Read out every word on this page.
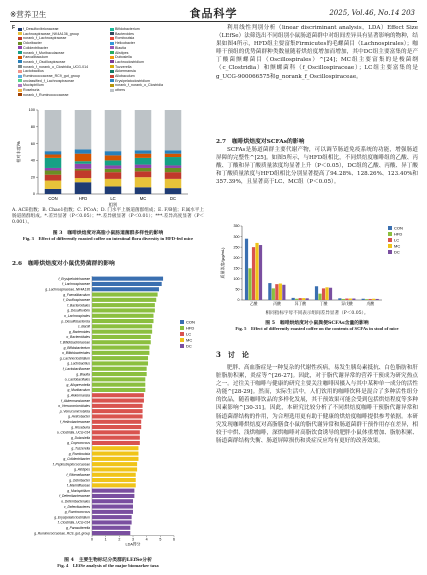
※营养卫生	食品科学	2025, Vol.46, No.14 203
F	f_Desulfovibrionaceae
Lachnospiraceae_NK4A136_group
norank_f_Lachnospiraceae
Odoribacter
Colidextribacter
norank_f_Muribaculaceae
Faecalibaculum
norank_f_Oscillospiraceae
norank_f_norank_o_Clostridia_UCG-014
Lactobacillus
Ruminococcaceae_RC9_gut_group
unclassified_f_Lachnospiraceae
Mucispirillum
Roseburia
norank_f_Ruminococcaceae
Bifidobacterium
Bacteroides
Romboutsia
Helicobacter
Blautia
Alistipes
Dubosiella
Lachnoclostridium
Tuzzerella
Akkermansia
Allobaculum
Erysipelatoclostridium
norank_f_norank_o_Clostridia
others
0
20
40
60
80
100
相对丰度/%
CON	HFD	LC	MC	DC
组别
A. ACE指数；B. Chao1指数；C. PCoA；D. 门水平上肠道菌群组成；E. F/B值；F.属水平上肠道菌群组成。*.差异显著（P＜0.05）；**.差异极显著（P＜0.01）；***.差异高度显著（P＜0.001）。
图 3　咖啡烘焙度对高脂小鼠肠道菌群多样性的影响
Fig. 3　Effect of differently roasted coffee on intestinal flora diversity in HFD-fed mice
2.6　咖啡烘焙度对小鼠优势菌群的影响
0	1	2	3	4	5	6
LDA得分
f_Erysipelotrichaceae
f_Lachnospiraceae
g_Lachnospiraceae_NK4A136
g_Faecalibaculum
f_Oscillospiraceae
f_Bacteroidales
g_Desulfovibrio
o_Lachnospirales
p_Desulfobacterota
c_Bacilli
g_Bacteroides
o_Bacteroidales
f_Bifidobacteriaceae
g_Bifidobacterium
o_Bifidobacteriales
g_Lachnoclostridium
g_Lactobacillus
f_Lactobacillaceae
g_Blautia
o_Lactobacillales
g_Alloprevotella
g_Muribaculum
g_Akkermansia
f_Akkermansiaceae
o_Verrucomicrobiales
p_Verrucomicrobiota
g_Helicobacter
f_Helicobacteraceae
g_Roseburia
o_Clostridia_UCG-014
g_Dubosiella
g_Coprococcus
g_Tuzzerella
g_Romboutsia
g_Colidextribacter
f_Peptostreptococcaceae
g_Alistipes
f_Rikenellaceae
g_Odoribacter
f_Marinifilaceae
g_Mucispirillum
f_Deferribacteraceae
o_Deferribacterales
c_Deferribacteres
g_Ruminococcus
g_Erysipelatoclostridium
f_Clostridia_UCG-014
g_Parasutterella
g_Ruminococcaceae_RC9_gut_group
CON
HFD
LC
MC
DC
图 4　主要生物标记分类群的LEfSe分析
Fig. 4　LEfSe analysis of the major biomarker taxa
利用线性判别分析（linear discriminant analysis，LDA）Effect Size（LEfSe）法筛选出不同组别小鼠肠道菌群中对组间差异具有显著影响的物种，结果如图4所示，HFD组主要富集Firmicutes的毛螺菌目（Lachnospirales）；咖啡干预组的优势菌群种类数量随着烘焙度增加而增加，其中DC组主要富集的是产丁酸菌颤螺菌目（Oscillospirales）^[24]；MC组主要富集的是梭菌纲（c_Clostridia）和颤螺菌科（f_Oscillospiraceae）；LC组主要富集的是g_UCG-900066575和g_norank_f_Oscillospiraceae。
2.7　咖啡烘焙度对SCFAs的影响
SCFAs是肠道菌群主要代谢产物，可以调节肠道免疫系统的功能，增强肠道屏障的完整性^[25]。如图5所示，与HFD组相比，不同烘焙度咖啡组的乙酸、丙酸、丁酸和异丁酸质量浓度均显著上升（P＜0.05），DC组的乙酸、丙酸、异丁酸和丁酸质量浓度与HFD组相比分别显著提高了94.28%、128.26%、123.40%和357.39%，且显著高于LC、MC组（P＜0.05）。
0
50
100
150
200
250
300
350
质量浓度/(μg/mL)
乙酸	丙酸	异丁酸	丁酸	异戊酸	戊酸
CON
HFD
LC
MC
DC
相同指标字母不同表示组间差异显著（P＜0.05）。
图 5　咖啡烘焙度对小鼠粪便SCFAs含量的影响
Fig. 5　Effect of differently roasted coffee on the contents of SCFAs in stool of mice
3　讨　论
肥胖、高血脂症是一种复杂的代谢性疾病，易发生胰岛素抵抗、白色脂肪和肝脏脂肪积累，炎症等^[26-27]。因此，对于脂代谢异常的营养干预成为研究热点之一。过往关于咖啡与健康的研究主要关注咖啡因摄入与其中某种单一成分的活性功能^[28-29]。然而，实际生活中，人们饮用的咖啡饮料是混合了多种活性组分的饮品，随着咖啡饮品的多样化发展，其干预效果可能会受到包括烘焙程度等多种因素影响^[30-31]。因此，本研究比较分析了不同烘焙度咖啡干预脂代谢异常和肠道菌群结构的作用，为合理选用更有助于健康的烘焙度咖啡提供参考依据。本研究发现咖啡烘焙度对高脂膳食小鼠的脂代谢异常和肠道菌群干预作用存在差异，相较于中烘、浅烘咖啡，深烘咖啡对高脂饮食诱导的肥胖小鼠体重增加、脂肪积累、肠道菌群结构失衡、肠道屏障损伤和炎症反应均有更好的改善效果。
